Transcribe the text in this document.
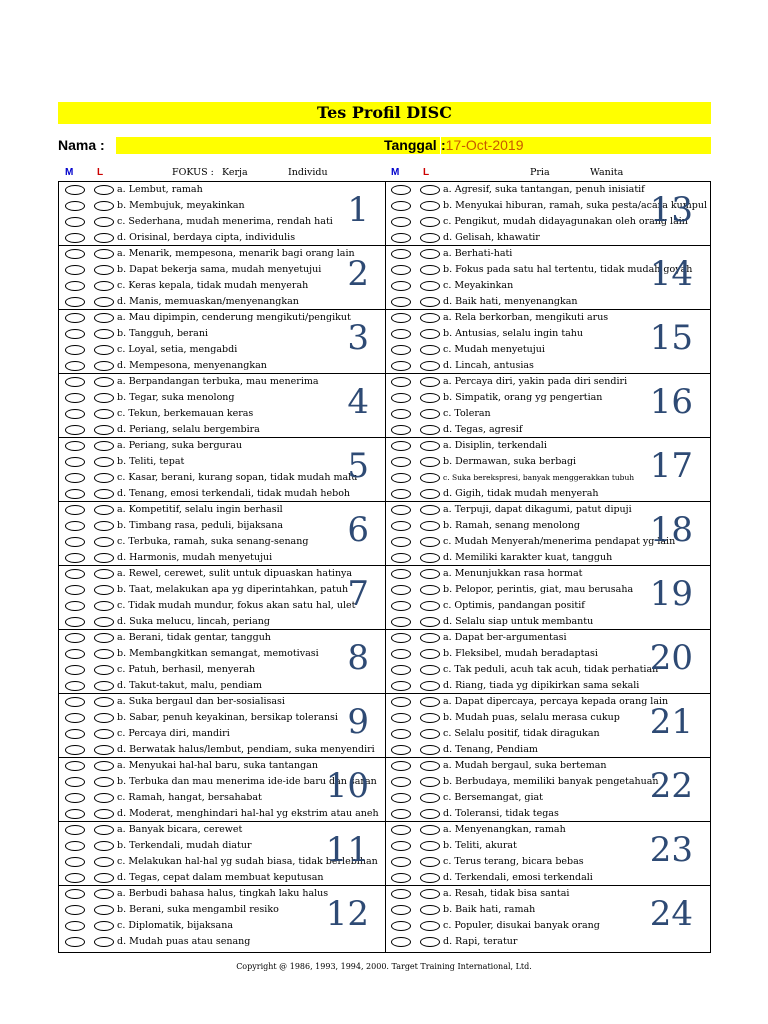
Tes Profil DISC
Nama :	Tanggal :17-Oct-2019
M L	FOKUS : Kerja	Individu	M L	Pria	Wanita
a. Lembut, ramah
b. Membujuk, meyakinkan
c. Sederhana, mudah menerima, rendah hati
d. Orisinal, berdaya cipta, individulis
1
a. Menarik, mempesona, menarik bagi orang lain
b. Dapat bekerja sama, mudah menyetujui
c. Keras kepala, tidak mudah menyerah
d. Manis, memuaskan/menyenangkan
2
a. Mau dipimpin, cenderung mengikuti/pengikut
b. Tangguh, berani
c. Loyal, setia, mengabdi
d. Mempesona, menyenangkan
3
a. Berpandangan terbuka, mau menerima
b. Tegar, suka menolong
c. Tekun, berkemauan keras
d. Periang, selalu bergembira
4
a. Periang, suka bergurau
b. Teliti, tepat
c. Kasar, berani, kurang sopan, tidak mudah malu
d. Tenang, emosi terkendali, tidak mudah heboh
5
a. Kompetitif, selalu ingin berhasil
b. Timbang rasa, peduli, bijaksana
c. Terbuka, ramah, suka senang-senang
d. Harmonis, mudah menyetujui
6
a. Rewel, cerewet, sulit untuk dipuaskan hatinya
b. Taat, melakukan apa yg diperintahkan, patuh
c. Tidak mudah mundur, fokus akan satu hal, ulet
d. Suka melucu, lincah, periang
7
a. Berani, tidak gentar, tangguh
b. Membangkitkan semangat, memotivasi
c. Patuh, berhasil, menyerah
d. Takut-takut, malu, pendiam
8
a. Suka bergaul dan ber-sosialisasi
b. Sabar, penuh keyakinan, bersikap toleransi
c. Percaya diri, mandiri
d. Berwatak halus/lembut, pendiam, suka menyendiri
9
a. Menyukai hal-hal baru, suka tantangan
b. Terbuka dan mau menerima ide-ide baru dan saran
c. Ramah, hangat, bersahabat
d. Moderat, menghindari hal-hal yg ekstrim atau aneh
10
a. Banyak bicara, cerewet
b. Terkendali, mudah diatur
c. Melakukan hal-hal yg sudah biasa, tidak berlebihan
d. Tegas, cepat dalam membuat keputusan
11
a. Berbudi bahasa halus, tingkah laku halus
b. Berani, suka mengambil resiko
c. Diplomatik, bijaksana
d. Mudah puas atau senang
12
a. Agresif, suka tantangan, penuh inisiatif
b. Menyukai hiburan, ramah, suka pesta/acara kumpul
c. Pengikut, mudah didayagunakan oleh orang lain
d. Gelisah, khawatir
13
a. Berhati-hati
b. Fokus pada satu hal tertentu, tidak mudah goyah
c. Meyakinkan
d. Baik hati, menyenangkan
14
a. Rela berkorban, mengikuti arus
b. Antusias, selalu ingin tahu
c. Mudah menyetujui
d. Lincah, antusias
15
a. Percaya diri, yakin pada diri sendiri
b. Simpatik, orang yg pengertian
c. Toleran
d. Tegas, agresif
16
a. Disiplin, terkendali
b. Dermawan, suka berbagi
c. Suka berekspresi, banyak menggerakkan tubuh
d. Gigih, tidak mudah menyerah
17
a. Terpuji, dapat dikagumi, patut dipuji
b. Ramah, senang menolong
c. Mudah Menyerah/menerima pendapat yg lain
d. Memiliki karakter kuat, tangguh
18
a. Menunjukkan rasa hormat
b. Pelopor, perintis, giat, mau berusaha
c. Optimis, pandangan positif
d. Selalu siap untuk membantu
19
a. Dapat ber-argumentasi
b. Fleksibel, mudah beradaptasi
c. Tak peduli, acuh tak acuh, tidak perhatian
d. Riang, tiada yg dipikirkan sama sekali
20
a. Dapat dipercaya, percaya kepada orang lain
b. Mudah puas, selalu merasa cukup
c. Selalu positif, tidak diragukan
d. Tenang, Pendiam
21
a. Mudah bergaul, suka berteman
b. Berbudaya, memiliki banyak pengetahuan
c. Bersemangat, giat
d. Toleransi, tidak tegas
22
a. Menyenangkan, ramah
b. Teliti, akurat
c. Terus terang, bicara bebas
d. Terkendali, emosi terkendali
23
a. Resah, tidak bisa santai
b. Baik hati, ramah
c. Populer, disukai banyak orang
d. Rapi, teratur
24
Copyright @ 1986, 1993, 1994, 2000. Target Training International, Ltd.
